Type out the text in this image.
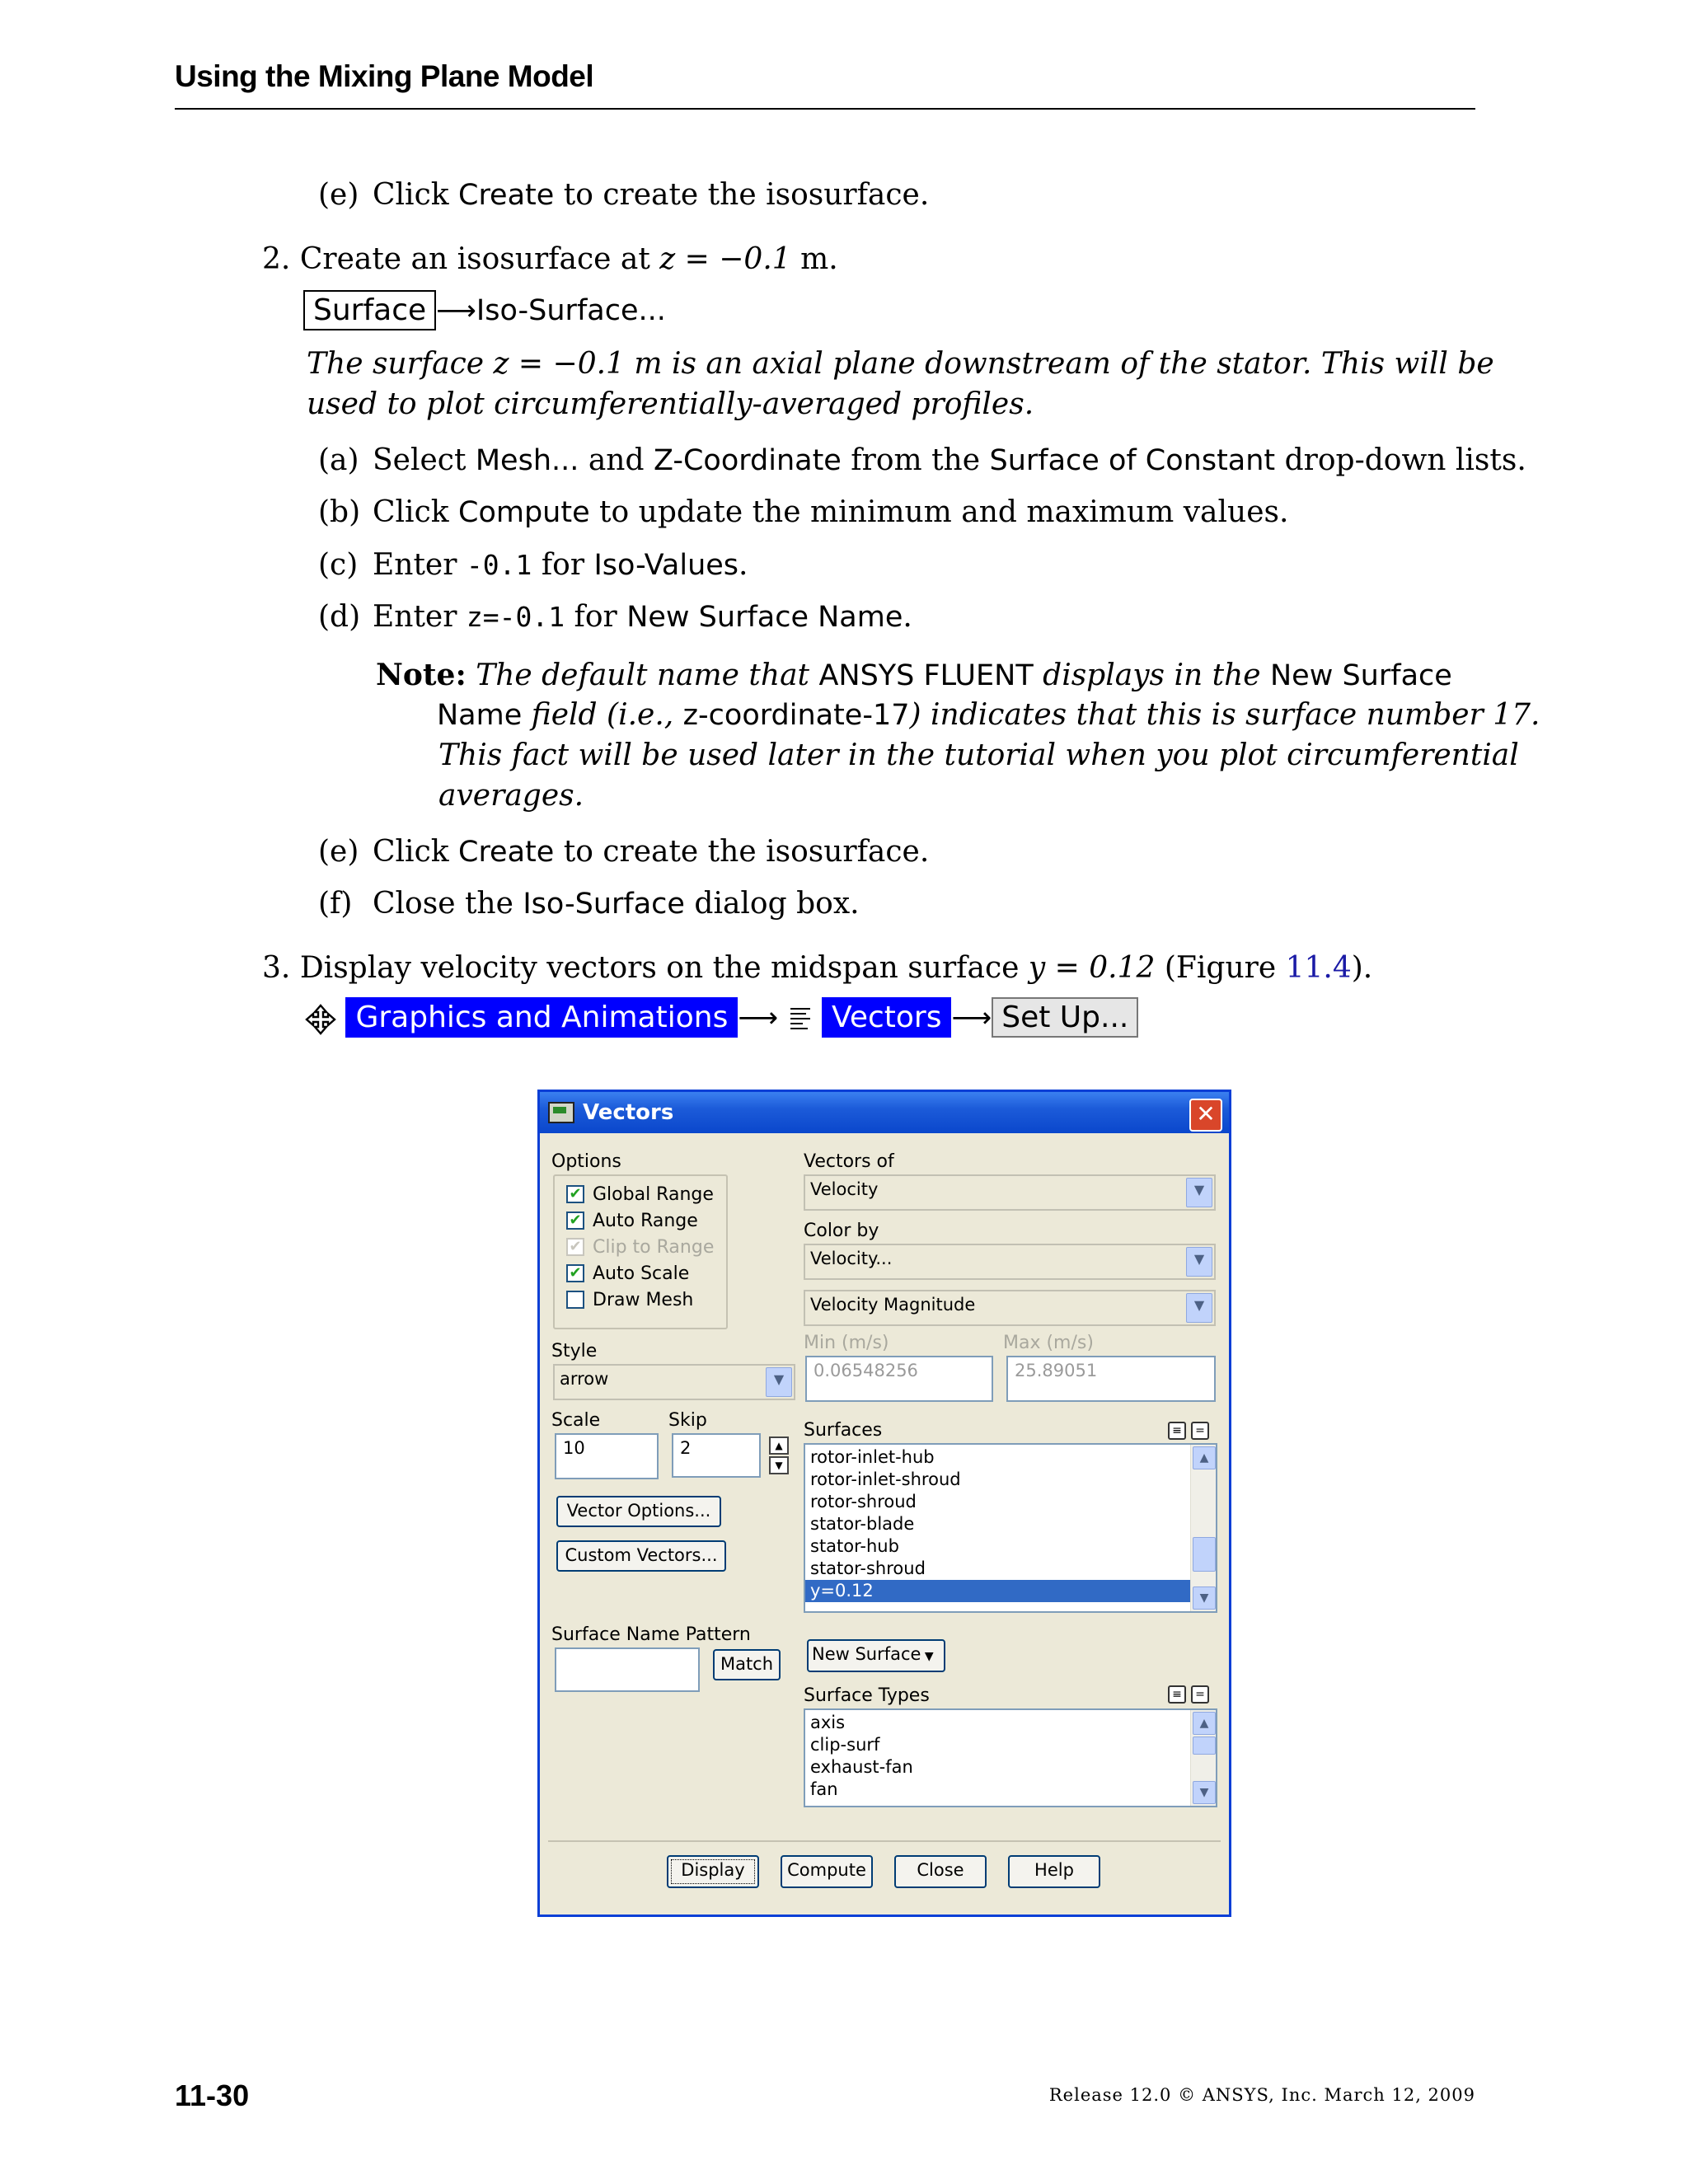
Using the Mixing Plane Model
(e) Click Create to create the isosurface.
2. Create an isosurface at z = −0.1 m.
Surface ⟶Iso-Surface...
The surface z = −0.1 m is an axial plane downstream of the stator. This will be
used to plot circumferentially-averaged profiles.
(a) Select Mesh... and Z-Coordinate from the Surface of Constant drop-down lists.
(b) Click Compute to update the minimum and maximum values.
(c) Enter -0.1 for Iso-Values.
(d) Enter z=-0.1 for New Surface Name.
Note: The default name that ANSYS FLUENT displays in the New Surface
Name field (i.e., z-coordinate-17) indicates that this is surface number 17.
This fact will be used later in the tutorial when you plot circumferential
averages.
(e) Click Create to create the isosurface.
(f) Close the Iso-Surface dialog box.
3. Display velocity vectors on the midspan surface y = 0.12 (Figure 11.4).
Graphics and Animations ⟶ Vectors ⟶ Set Up...
Vectors	✕
Options
✔ Global Range
✔ Auto Range
✔ Clip to Range
✔ Auto Scale
Draw Mesh
Style
arrow	▼
Scale
10
Skip
2	▲
▼
Vector Options...
Custom Vectors...
Surface Name Pattern
Match
Vectors of
Velocity	▼
Color by
Velocity...	▼
Velocity Magnitude	▼
Min (m/s)	Max (m/s)
0.06548256	25.89051
Surfaces	≡	=
rotor-inlet-hub
rotor-inlet-shroud
rotor-shroud
stator-blade
stator-hub
stator-shroud
y=0.12
▲
▼
New Surface ▼
Surface Types	≡	=
axis
clip-surf
exhaust-fan
fan
▲
▼
Display	Compute	Close	Help
11-30	Release 12.0 © ANSYS, Inc. March 12, 2009
